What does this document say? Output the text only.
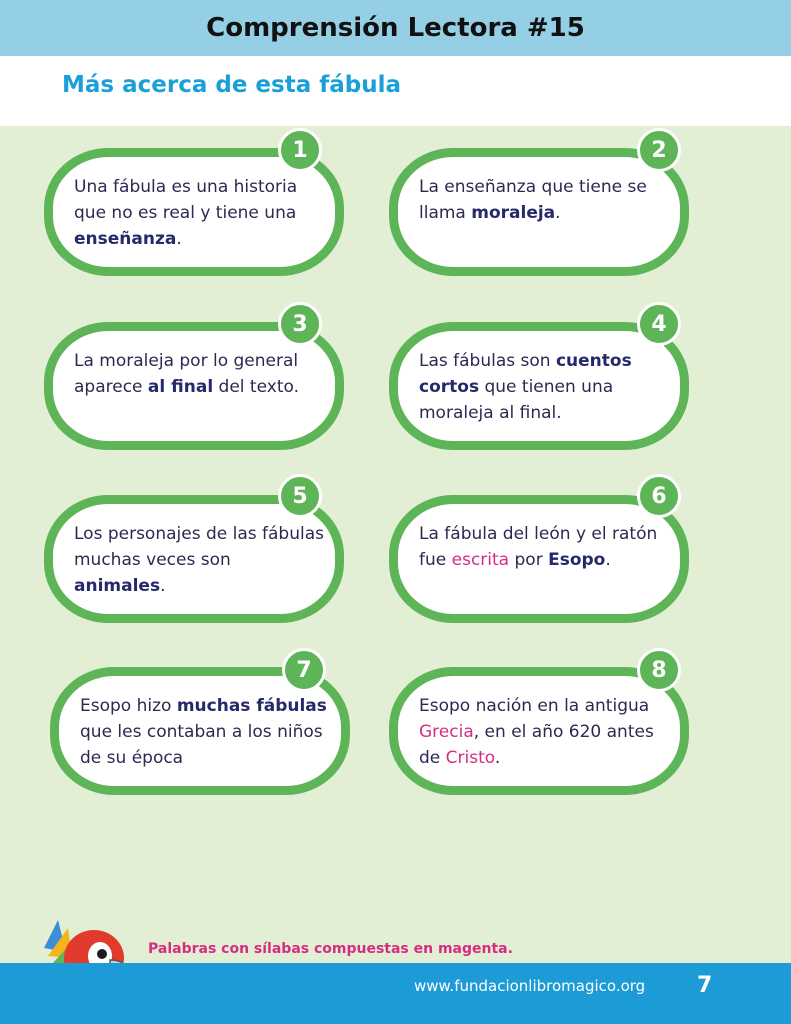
Comprensión Lectora #15
Más acerca de esta fábula
Una fábula es una historia que no es real y tiene una enseñanza.
1
La enseñanza que tiene se llama moraleja.
2
La moraleja por lo general aparece al final del texto.
3
Las fábulas son cuentos cortos que tienen una moraleja al final.
4
Los personajes de las fábulas muchas veces son animales.
5
La fábula del león y el ratón fue escrita por Esopo.
6
Esopo hizo muchas fábulas que les contaban a los niños de su época
7
Esopo nación en la antigua Grecia, en el año 620 antes de Cristo.
8

Palabras con sílabas compuestas en magenta.

www.fundacionlibromagico.org 7
